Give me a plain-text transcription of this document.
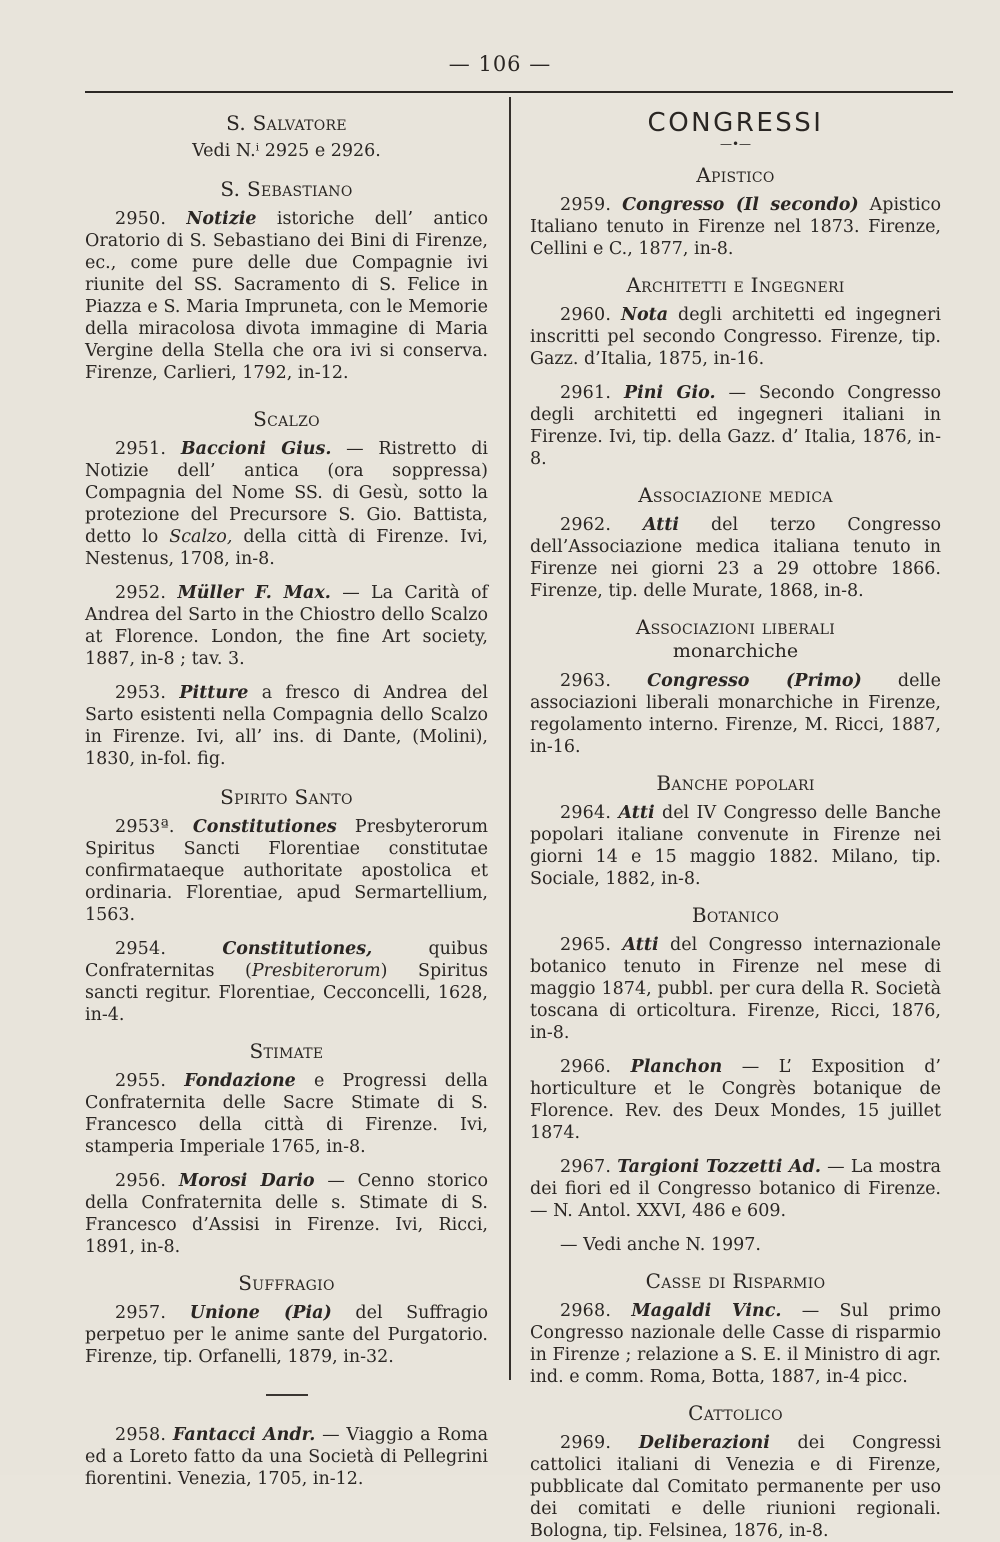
— 106 —

S. Salvatore

Vedi N.ⁱ 2925 e 2926.

S. Sebastiano

2950. Notizie istoriche dell’ antico Oratorio di S. Sebastiano dei Bini di Firenze, ec., come pure delle due Compagnie ivi riunite del SS. Sacramento di S. Felice in Piazza e S. Maria Impruneta, con le Memorie della miracolosa divota immagine di Maria Vergine della Stella che ora ivi si conserva. Firenze, Carlieri, 1792, in-12.

Scalzo

2951. Baccioni Gius. — Ristretto di Notizie dell’ antica (ora soppressa) Compagnia del Nome SS. di Gesù, sotto la protezione del Precursore S. Gio. Battista, detto lo Scalzo, della città di Firenze. Ivi, Nestenus, 1708, in-8.

2952. Müller F. Max. — La Carità of Andrea del Sarto in the Chiostro dello Scalzo at Florence. London, the fine Art society, 1887, in-8 ; tav. 3.

2953. Pitture a fresco di Andrea del Sarto esistenti nella Compagnia dello Scalzo in Firenze. Ivi, all’ ins. di Dante, (Molini), 1830, in-fol. fig.

Spirito Santo

2953ª. Constitutiones Presbyterorum Spiritus Sancti Florentiae constitutae confirmataeque authoritate apostolica et ordinaria. Florentiae, apud Sermartellium, 1563.

2954.	Constitutiones, quibus Confraternitas (Presbiterorum) Spiritus sancti regitur. Florentiae, Cecconcelli, 1628, in-4.

Stimate

2955. Fondazione e Progressi della Confraternita delle Sacre Stimate di S. Francesco della città di Firenze. Ivi, stamperia Imperiale 1765, in-8.

2956. Morosi Dario — Cenno storico della Confraternita delle s. Stimate di S. Francesco d’Assisi in Firenze. Ivi, Ricci, 1891, in-8.

Suffragio

2957. Unione (Pia) del Suffragio perpetuo per le anime sante del Purgatorio. Firenze, tip. Orfanelli, 1879, in-32.

2958. Fantacci Andr. — Viaggio a Roma ed a Loreto fatto da una Società di Pellegrini fiorentini. Venezia, 1705, in-12.

CONGRESSI

—•—

Apistico

2959. Congresso (Il secondo) Apistico Italiano tenuto in Firenze nel 1873. Firenze, Cellini e C., 1877, in-8.

Architetti e Ingegneri

2960. Nota degli architetti ed ingegneri inscritti pel secondo Congresso. Firenze, tip. Gazz. d’Italia, 1875, in-16.

2961. Pini Gio. — Secondo Congresso degli architetti ed ingegneri italiani in Firenze. Ivi, tip. della Gazz. d’ Italia, 1876, in-8.

Associazione medica

2962. Atti del terzo Congresso dell’Associazione medica italiana tenuto in Firenze nei giorni 23 a 29 ottobre 1866. Firenze, tip. delle Murate, 1868, in-8.

Associazioni liberali

monarchiche

2963. Congresso (Primo) delle associazioni liberali monarchiche in Firenze, regolamento interno. Firenze, M. Ricci, 1887, in-16.

Banche popolari

2964. Atti del IV Congresso delle Banche popolari italiane convenute in Firenze nei giorni 14 e 15 maggio 1882. Milano, tip. Sociale, 1882, in-8.

Botanico

2965. Atti del Congresso internazionale botanico tenuto in Firenze nel mese di maggio 1874, pubbl. per cura della R. Società toscana di orticoltura. Firenze, Ricci, 1876, in-8.

2966. Planchon — L’ Exposition d’ horticulture et le Congrès botanique de Florence. Rev. des Deux Mondes, 15 juillet 1874.

2967. Targioni Tozzetti Ad. — La mostra dei fiori ed il Congresso botanico di Firenze. — N. Antol. XXVI, 486 e 609.

— Vedi anche N. 1997.

Casse di Risparmio

2968. Magaldi Vinc. — Sul primo Congresso nazionale delle Casse di risparmio in Firenze ; relazione a S. E. il Ministro di agr. ind. e comm. Roma, Botta, 1887, in-4 picc.

Cattolico

2969. Deliberazioni dei Congressi cattolici italiani di Venezia e di Firenze, pubblicate dal Comitato permanente per uso dei comitati e delle riunioni regionali. Bologna, tip. Felsinea, 1876, in-8.
